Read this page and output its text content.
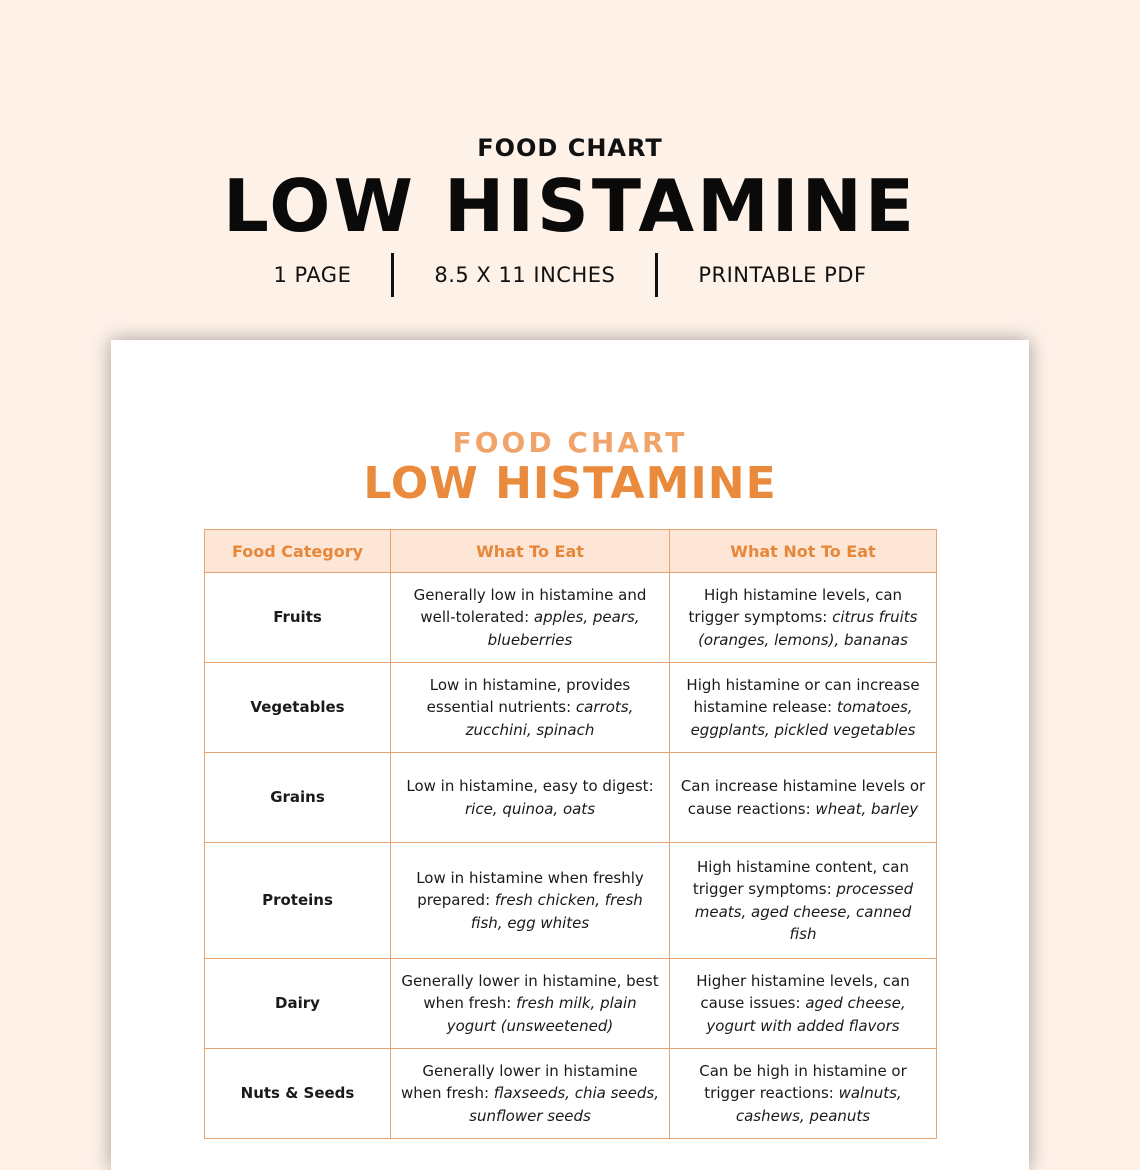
FOOD CHART
LOW HISTAMINE
1 PAGE	8.5 X 11 INCHES	PRINTABLE PDF
FOOD CHART
LOW HISTAMINE
Food Category	What To Eat	What Not To Eat
Fruits	Generally low in histamine and well-tolerated: apples, pears, blueberries	High histamine levels, can trigger symptoms: citrus fruits (oranges, lemons), bananas
Vegetables	Low in histamine, provides essential nutrients: carrots, zucchini, spinach	High histamine or can increase histamine release: tomatoes, eggplants, pickled vegetables
Grains	Low in histamine, easy to digest: rice, quinoa, oats	Can increase histamine levels or cause reactions: wheat, barley
Proteins	Low in histamine when freshly prepared: fresh chicken, fresh fish, egg whites	High histamine content, can trigger symptoms: processed meats, aged cheese, canned fish
Dairy	Generally lower in histamine, best when fresh: fresh milk, plain yogurt (unsweetened)	Higher histamine levels, can cause issues: aged cheese, yogurt with added flavors
Nuts & Seeds	Generally lower in histamine when fresh: flaxseeds, chia seeds, sunflower seeds	Can be high in histamine or trigger reactions: walnuts, cashews, peanuts
